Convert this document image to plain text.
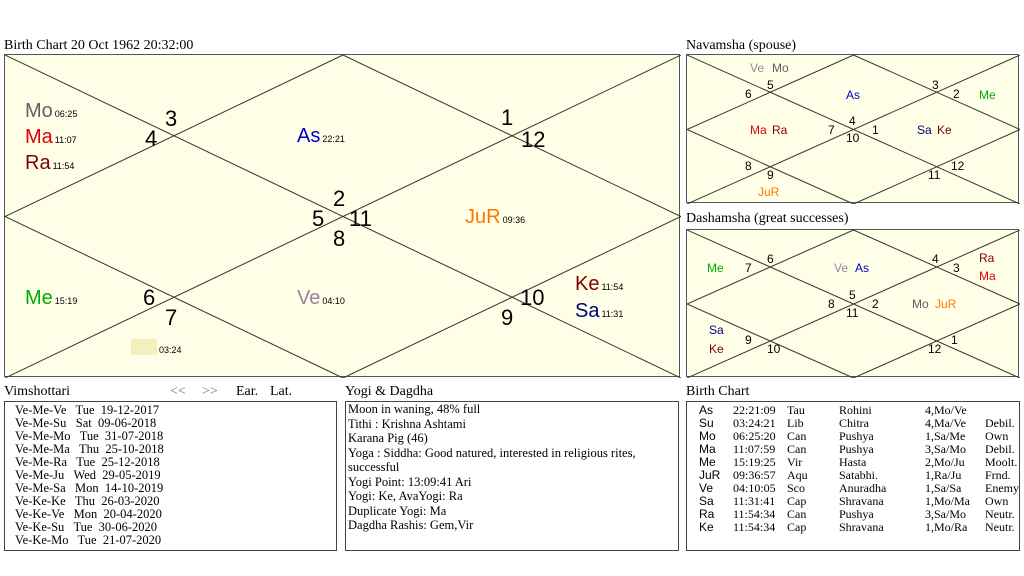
Birth Chart 20 Oct 1962 20:32:00	Navamsha (spouse)
Dashamsha (great successes)
3
4
1
12
2
5 11
8
6
7
10
9
Mo 06:25
Ma 11:07
Ra 11:54
As 22:21
JuR 09:36
Me 15:19	Ve 04:10
Ke 11:54
Sa 11:31
03:24
5
6
3
2
4
7	1
10
8
9	11
12
Ve Mo
As	Me
Ma Ra	Sa Ke
JuR
6
7
4
3
5
8	2
11
9
10	12
1
Me	Ve As
Ra
Ma
Mo JuR
Sa
Ke
Vimshottari	<< >> Ear. Lat.
Ve-Me-Ve   Tue  19-12-2017
Ve-Me-Su   Sat  09-06-2018
Ve-Me-Mo   Tue  31-07-2018
Ve-Me-Ma   Thu  25-10-2018
Ve-Me-Ra   Tue  25-12-2018
Ve-Me-Ju   Wed  29-05-2019
Ve-Me-Sa   Mon  14-10-2019
Ve-Ke-Ke   Thu  26-03-2020
Ve-Ke-Ve   Mon  20-04-2020
Ve-Ke-Su   Tue  30-06-2020
Ve-Ke-Mo   Tue  21-07-2020
Yogi & Dagdha
Moon in waning, 48% full
Tithi : Krishna Ashtami
Karana Pig (46)
Yoga : Siddha: Good natured, interested in religious rites, successful
Yogi Point: 13:09:41 Ari
Yogi: Ke, AvaYogi: Ra
Duplicate Yogi: Ma
Dagdha Rashis: Gem,Vir
Birth Chart
As 22:21:09 Tau	Rohini	4,Mo/Ve
Su 03:24:21 Lib	Chitra	4,Ma/Ve Debil.
Mo 06:25:20 Can	Pushya	1,Sa/Me Own
Ma 11:07:59 Can	Pushya	3,Sa/Mo Debil.
Me 15:19:25 Vir	Hasta	2,Mo/Ju Moolt.
JuR 09:36:57 Aqu	Satabhi.	1,Ra/Ju Frnd.
Ve 04:10:05 Sco	Anuradha	1,Sa/Sa Enemy
Sa 11:31:41 Cap	Shravana	1,Mo/Ma Own
Ra 11:54:34 Can	Pushya	3,Sa/Mo Neutr.
Ke 11:54:34 Cap	Shravana	1,Mo/Ra Neutr.
